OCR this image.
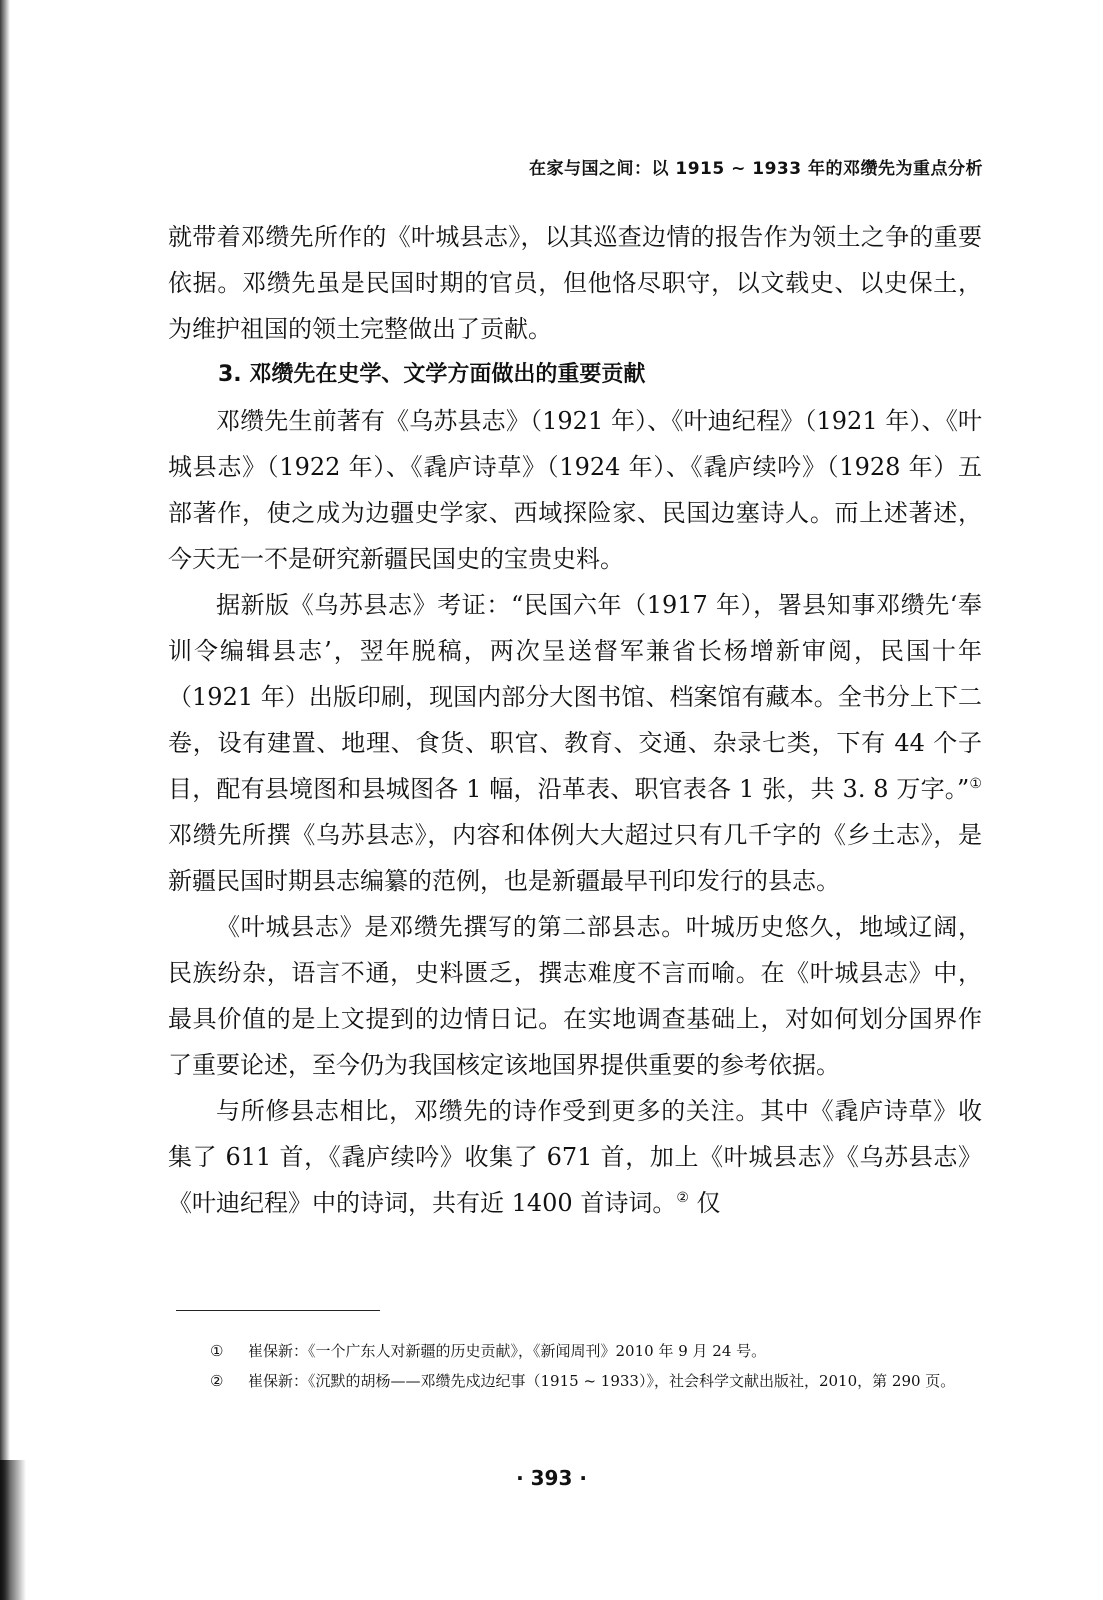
在家与国之间：以 1915 ~ 1933 年的邓缵先为重点分析

就带着邓缵先所作的《叶城县志》，以其巡查边情的报告作为领土之争的重要依据。邓缵先虽是民国时期的官员，但他恪尽职守，以文载史、以史保土，为维护祖国的领土完整做出了贡献。

3. 邓缵先在史学、文学方面做出的重要贡献

邓缵先生前著有《乌苏县志》（1921 年）、《叶迪纪程》（1921 年）、《叶城县志》（1922 年）、《毳庐诗草》（1924 年）、《毳庐续吟》（1928 年）五部著作，使之成为边疆史学家、西域探险家、民国边塞诗人。而上述著述，今天无一不是研究新疆民国史的宝贵史料。

据新版《乌苏县志》考证：“民国六年（1917 年），署县知事邓缵先‘奉训令编辑县志’，翌年脱稿，两次呈送督军兼省长杨增新审阅，民国十年（1921 年）出版印刷，现国内部分大图书馆、档案馆有藏本。全书分上下二卷，设有建置、地理、食货、职官、教育、交通、杂录七类，下有 44 个子目，配有县境图和县城图各 1 幅，沿革表、职官表各 1 张，共 3. 8 万字。”① 邓缵先所撰《乌苏县志》，内容和体例大大超过只有几千字的《乡土志》，是新疆民国时期县志编纂的范例，也是新疆最早刊印发行的县志。

《叶城县志》是邓缵先撰写的第二部县志。叶城历史悠久，地域辽阔，民族纷杂，语言不通，史料匮乏，撰志难度不言而喻。在《叶城县志》中，最具价值的是上文提到的边情日记。在实地调查基础上，对如何划分国界作了重要论述，至今仍为我国核定该地国界提供重要的参考依据。

与所修县志相比，邓缵先的诗作受到更多的关注。其中《毳庐诗草》收集了 611 首，《毳庐续吟》收集了 671 首，加上《叶城县志》《乌苏县志》《叶迪纪程》中的诗词，共有近 1400 首诗词。② 仅

①	崔保新：《一个广东人对新疆的历史贡献》，《新闻周刊》2010 年 9 月 24 号。
②	崔保新：《沉默的胡杨——邓缵先戍边纪事（1915 ~ 1933）》，社会科学文献出版社，2010，第 290 页。
· 393 ·
